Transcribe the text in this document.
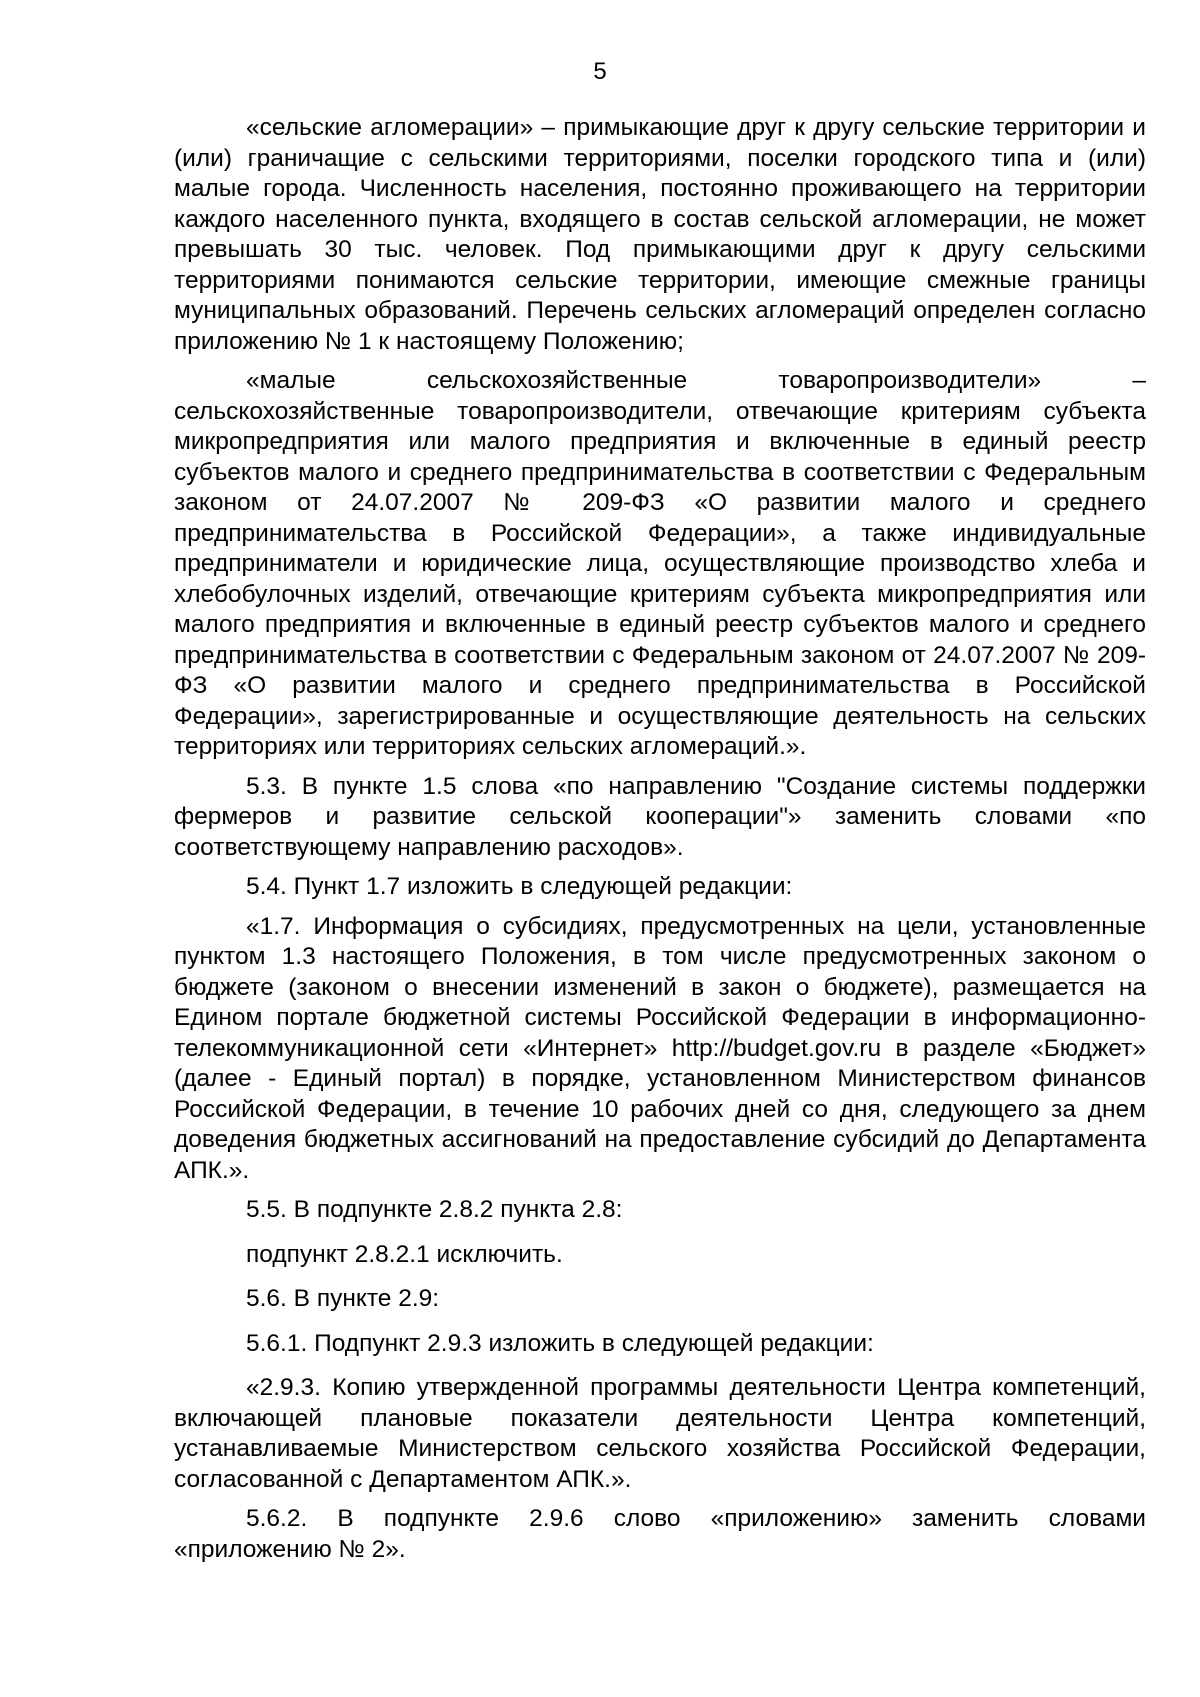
5

«сельские агломерации» – примыкающие друг к другу сельские территории и (или) граничащие с сельскими территориями, поселки городского типа и (или) малые города. Численность населения, постоянно проживающего на территории каждого населенного пункта, входящего в состав сельской агломерации, не может превышать 30 тыс. человек. Под примыкающими друг к другу сельскими территориями понимаются сельские территории, имеющие смежные границы муниципальных образований. Перечень сельских агломераций определен согласно приложению № 1 к настоящему Положению;

«малые сельскохозяйственные товаропроизводители» – сельскохозяйственные товаропроизводители, отвечающие критериям субъекта микропредприятия или малого предприятия и включенные в единый реестр субъектов малого и среднего предпринимательства в соответствии с Федеральным законом от 24.07.2007 № 209-ФЗ «О развитии малого и среднего предпринимательства в Российской Федерации», а также индивидуальные предприниматели и юридические лица, осуществляющие производство хлеба и хлебобулочных изделий, отвечающие критериям субъекта микропредприятия или малого предприятия и включенные в единый реестр субъектов малого и среднего предпринимательства в соответствии с Федеральным законом от 24.07.2007 № 209-ФЗ «О развитии малого и среднего предпринимательства в Российской Федерации», зарегистрированные и осуществляющие деятельность на сельских территориях или территориях сельских агломераций.».

5.3. В пункте 1.5 слова «по направлению "Создание системы поддержки фермеров и развитие сельской кооперации"» заменить словами «по соответствующему направлению расходов».

5.4. Пункт 1.7 изложить в следующей редакции:

«1.7. Информация о субсидиях, предусмотренных на цели, установленные пунктом 1.3 настоящего Положения, в том числе предусмотренных законом о бюджете (законом о внесении изменений в закон о бюджете), размещается на Едином портале бюджетной системы Российской Федерации в информационно-телекоммуникационной сети «Интернет» http://budget.gov.ru в разделе «Бюджет» (далее - Единый портал) в порядке, установленном Министерством финансов Российской Федерации, в течение 10 рабочих дней со дня, следующего за днем доведения бюджетных ассигнований на предоставление субсидий до Департамента АПК.».

5.5. В подпункте 2.8.2 пункта 2.8:

подпункт 2.8.2.1 исключить.

5.6. В пункте 2.9:

5.6.1. Подпункт 2.9.3 изложить в следующей редакции:

«2.9.3. Копию утвержденной программы деятельности Центра компетенций, включающей плановые показатели деятельности Центра компетенций, устанавливаемые Министерством сельского хозяйства Российской Федерации, согласованной с Департаментом АПК.».

5.6.2. В подпункте 2.9.6 слово «приложению» заменить словами «приложению № 2».
